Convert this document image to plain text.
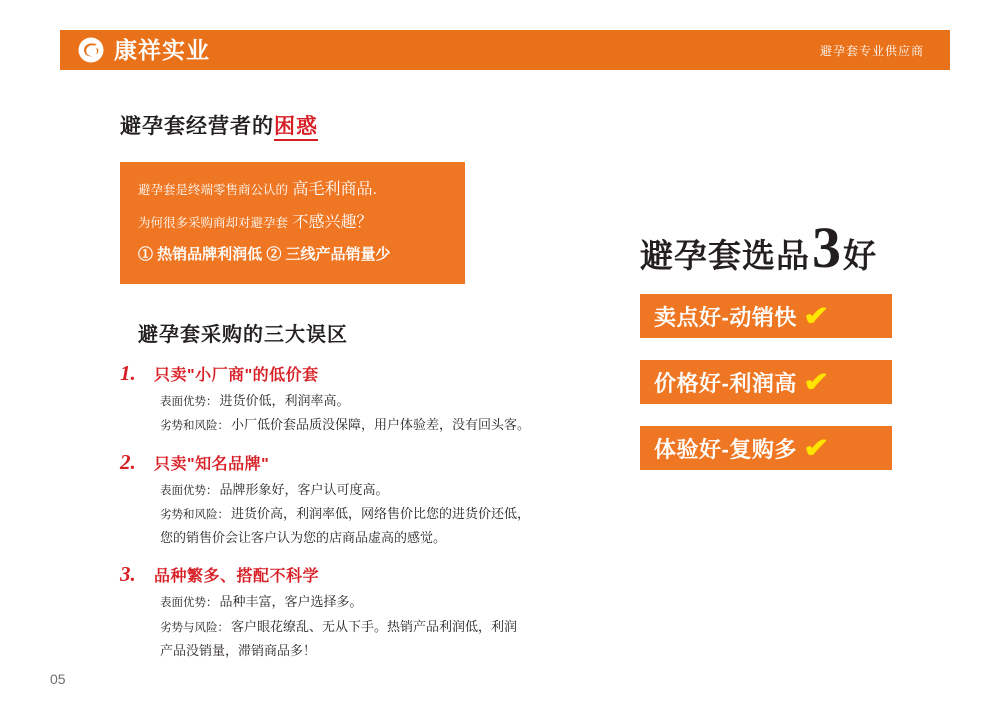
康祥实业	避孕套专业供应商
避孕套经营者的困惑
避孕套是终端零售商公认的 高毛利商品.
为何很多采购商却对避孕套 不感兴趣？
① 热销品牌利润低 ② 三线产品销量少
避孕套采购的三大误区
1.	只卖"小厂商"的低价套
表面优势： 进货价低，利润率高。
劣势和风险： 小厂低价套品质没保障，用户体验差，没有回头客。
2.	只卖"知名品牌"
表面优势： 品牌形象好，客户认可度高。
劣势和风险： 进货价高，利润率低，网络售价比您的进货价还低，
您的销售价会让客户认为您的店商品虚高的感觉。
3.	品种繁多、搭配不科学
表面优势： 品种丰富，客户选择多。
劣势与风险： 客户眼花缭乱、无从下手。热销产品利润低，利润
产品没销量，滞销商品多！
避孕套选品 3 好
卖点好-动销快 ✔
价格好-利润高 ✔
体验好-复购多 ✔
05
